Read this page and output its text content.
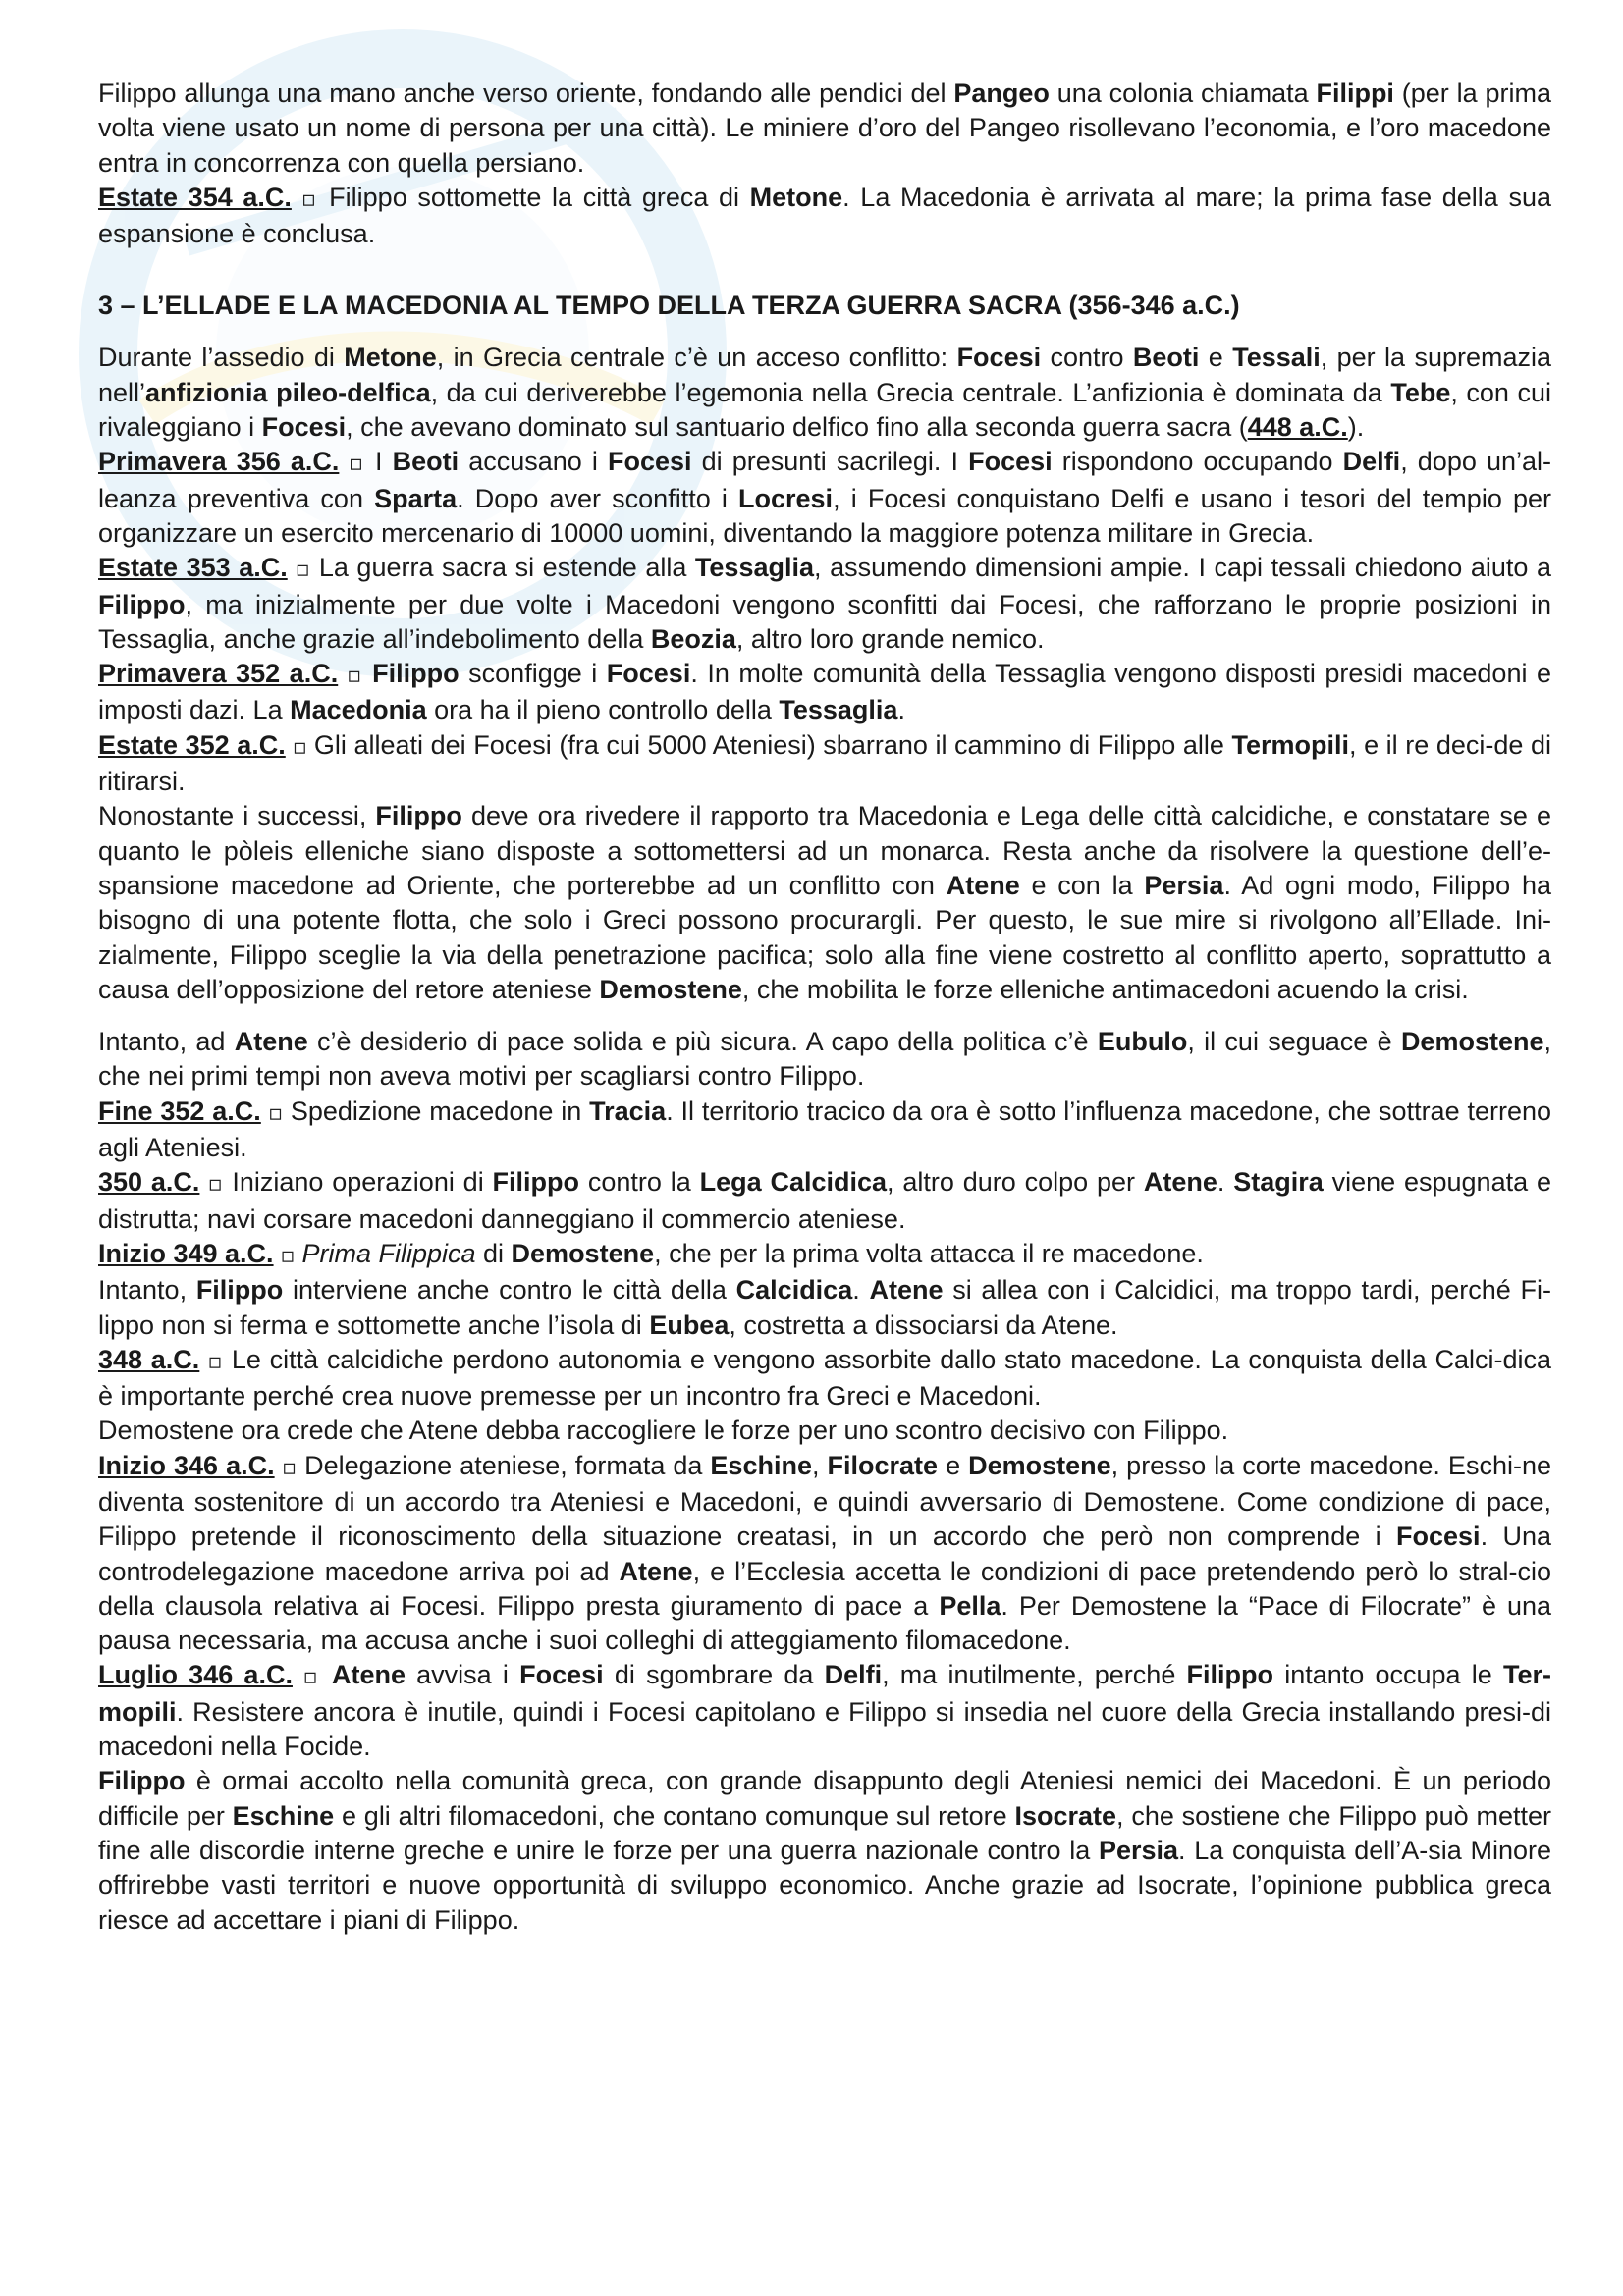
Filippo allunga una mano anche verso oriente, fondando alle pendici del Pangeo una colonia chiamata Filippi (per la prima volta viene usato un nome di persona per una città). Le miniere d’oro del Pangeo risollevano l’economia, e l’oro macedone entra in concorrenza con quella persiano.

Estate 354 a.C. ▫ Filippo sottomette la città greca di Metone. La Macedonia è arrivata al mare; la prima fase della sua espansione è conclusa.

3 – L’ELLADE E LA MACEDONIA AL TEMPO DELLA TERZA GUERRA SACRA (356-346 a.C.)

Durante l’assedio di Metone, in Grecia centrale c’è un acceso conflitto: Focesi contro Beoti e Tessali, per la supremazia nell’anfizionia pileo-delfica, da cui deriverebbe l’egemonia nella Grecia centrale. L’anfizionia è dominata da Tebe, con cui rivaleggiano i Focesi, che avevano dominato sul santuario delfico fino alla seconda guerra sacra (448 a.C.).

Primavera 356 a.C. ▫ I Beoti accusano i Focesi di presunti sacrilegi. I Focesi rispondono occupando Delfi, dopo un’al-leanza preventiva con Sparta. Dopo aver sconfitto i Locresi, i Focesi conquistano Delfi e usano i tesori del tempio per organizzare un esercito mercenario di 10000 uomini, diventando la maggiore potenza militare in Grecia.

Estate 353 a.C. ▫ La guerra sacra si estende alla Tessaglia, assumendo dimensioni ampie. I capi tessali chiedono aiuto a Filippo, ma inizialmente per due volte i Macedoni vengono sconfitti dai Focesi, che rafforzano le proprie posizioni in Tessaglia, anche grazie all’indebolimento della Beozia, altro loro grande nemico.

Primavera 352 a.C. ▫ Filippo sconfigge i Focesi. In molte comunità della Tessaglia vengono disposti presidi macedoni e imposti dazi. La Macedonia ora ha il pieno controllo della Tessaglia.

Estate 352 a.C. ▫ Gli alleati dei Focesi (fra cui 5000 Ateniesi) sbarrano il cammino di Filippo alle Termopili, e il re deci-de di ritirarsi.

Nonostante i successi, Filippo deve ora rivedere il rapporto tra Macedonia e Lega delle città calcidiche, e constatare se e quanto le pòleis elleniche siano disposte a sottomettersi ad un monarca. Resta anche da risolvere la questione dell’e-spansione macedone ad Oriente, che porterebbe ad un conflitto con Atene e con la Persia. Ad ogni modo, Filippo ha bisogno di una potente flotta, che solo i Greci possono procurargli. Per questo, le sue mire si rivolgono all’Ellade. Ini-zialmente, Filippo sceglie la via della penetrazione pacifica; solo alla fine viene costretto al conflitto aperto, soprattutto a causa dell’opposizione del retore ateniese Demostene, che mobilita le forze elleniche antimacedoni acuendo la crisi.

Intanto, ad Atene c’è desiderio di pace solida e più sicura. A capo della politica c’è Eubulo, il cui seguace è Demostene, che nei primi tempi non aveva motivi per scagliarsi contro Filippo.

Fine 352 a.C. ▫ Spedizione macedone in Tracia. Il territorio tracico da ora è sotto l’influenza macedone, che sottrae terreno agli Ateniesi.

350 a.C. ▫ Iniziano operazioni di Filippo contro la Lega Calcidica, altro duro colpo per Atene. Stagira viene espugnata e distrutta; navi corsare macedoni danneggiano il commercio ateniese.

Inizio 349 a.C. ▫ Prima Filippica di Demostene, che per la prima volta attacca il re macedone.

Intanto, Filippo interviene anche contro le città della Calcidica. Atene si allea con i Calcidici, ma troppo tardi, perché Fi-lippo non si ferma e sottomette anche l’isola di Eubea, costretta a dissociarsi da Atene.

348 a.C. ▫ Le città calcidiche perdono autonomia e vengono assorbite dallo stato macedone. La conquista della Calci-dica è importante perché crea nuove premesse per un incontro fra Greci e Macedoni.

Demostene ora crede che Atene debba raccogliere le forze per uno scontro decisivo con Filippo.

Inizio 346 a.C. ▫ Delegazione ateniese, formata da Eschine, Filocrate e Demostene, presso la corte macedone. Eschi-ne diventa sostenitore di un accordo tra Ateniesi e Macedoni, e quindi avversario di Demostene. Come condizione di pace, Filippo pretende il riconoscimento della situazione creatasi, in un accordo che però non comprende i Focesi. Una controdelegazione macedone arriva poi ad Atene, e l’Ecclesia accetta le condizioni di pace pretendendo però lo stral-cio della clausola relativa ai Focesi. Filippo presta giuramento di pace a Pella. Per Demostene la “Pace di Filocrate” è una pausa necessaria, ma accusa anche i suoi colleghi di atteggiamento filomacedone.

Luglio 346 a.C. ▫ Atene avvisa i Focesi di sgombrare da Delfi, ma inutilmente, perché Filippo intanto occupa le Ter-mopili. Resistere ancora è inutile, quindi i Focesi capitolano e Filippo si insedia nel cuore della Grecia installando presi-di macedoni nella Focide.

Filippo è ormai accolto nella comunità greca, con grande disappunto degli Ateniesi nemici dei Macedoni. È un periodo difficile per Eschine e gli altri filomacedoni, che contano comunque sul retore Isocrate, che sostiene che Filippo può metter fine alle discordie interne greche e unire le forze per una guerra nazionale contro la Persia. La conquista dell’A-sia Minore offrirebbe vasti territori e nuove opportunità di sviluppo economico. Anche grazie ad Isocrate, l’opinione pubblica greca riesce ad accettare i piani di Filippo.
